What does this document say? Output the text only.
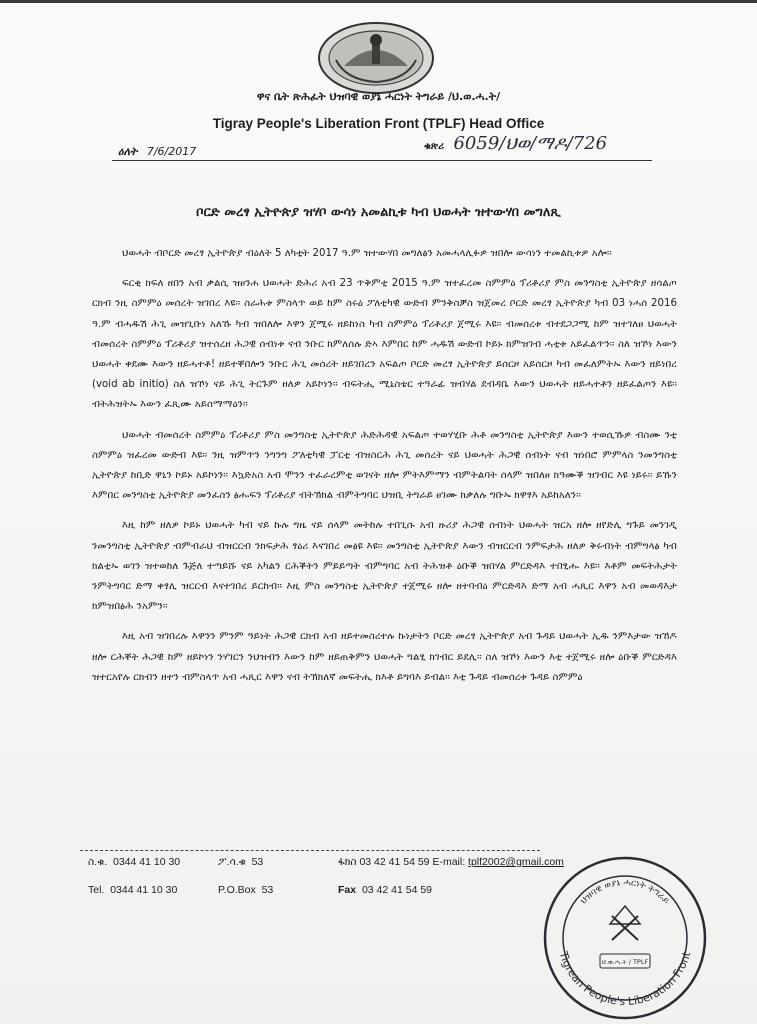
ዋና ቤት ጽሕፈት ህዝባዊ ወያኔ ሓርነት ትግራይ /ህ.ወ.ሓ.ት/
Tigray People's Liberation Front (TPLF) Head Office
ዕለት 7/6/2017	ቁጽሪ 6059/ህወ/ማዶ/726
ቦርድ መረፃ ኢትዮጵያ ዝሃቦ ውሳነ አመልኪቱ ካብ ህወሓት ዝተውሃበ መግለጺ

ህወሓት ብቦርድ መረፃ ኢትዮጵያ ብዕለት 5 ለካቲት 2017 ዓ.ም ዝተውሃበ መግለፅን አመሓላሊፉዎ ዝበሎ ውሳነን ተመልኪቱዎ አሎ፡፡

ፍርቂ ክፍለ ዘበን አብ ቃልሲ ዝፀንሐ ህወሓት ድሕሪ አብ 23 ጥቅምቲ 2015 ዓ.ም ዝተፈረመ ስምምዕ ፕሪቶሪያ ምስ መንግስቲ ኢትዮጵያ ዘሳልጦ ርክብ ንዚ ስምምዕ መሰረት ዝገበረ እዩ፡፡ ስራሕቱ ምስላጥ ወይ ከም ስሩዕ ፖለቲካዊ ውድብ ምንቅስቓስ ዝጀመረ ቦርድ መረፃ ኢትዮጵያ ካብ 03 ነሓሰ 2016 ዓ.ም ብሓዱሽ ሕጊ መዝጊቡነ አለኹ ካብ ዝበለሎ እዋን ጀሚሩ ዘይከነስ ካብ ስምምዕ ፕሪቶሪያ ጀሚሩ እዩ፡፡ ብመሰረቱ ብተደጋጋሚ ከም ዝተገለፀ ህወሓት ብመሰረት ስምምዕ ፕሪቶሪያ ዝተሰረዘ ሕጋዊ ሰብነቱ ናብ ንቡር ክምለሰሉ ድኣ እምበር ከም ሓዱሽ ውድብ ኮይኑ ክምዝገብ ሓቲቱ አይፈልጥን፡፡ ስለ ዝኾነ እውን ህወሓት ቀደሙ እውን ዘይሓተቶ! ዘይተቐበሎን ንቡር ሕጊ መሰረት ዘይገበረን አፍልጦ ቦርድ መረፃ ኢትዮጵያ ይሰርዞ አይሰርዞ ካብ መፈለምትኡ እውን ዘይነበረ (void ab initio) ስለ ዝኾነ ናይ ሕጊ ትርጉም ዘለዎ አይኮነን፡፡ ብፍትሒ ሚኒስቴር ተዓራፊ ዝብሃል ደብዳቤ እውን ህወሓት ዘይሓተቶን ዘይፈልጦን እዩ፡፡ ብትሕዝትኡ እውን ፈጺሙ አይሰማማዕን፡፡

ህወሓት ብመሰረት ስምምዕ ፕሪቶሪያ ምስ መንግስቲ ኢትዮጵያ ሕድሕዳዊ አፍልጦ ተወሃሂቡ ሕቶ መንግስቲ ኢትዮጵያ እውን ተወሲኹዎ ብስሙ ንቲ ስምምዕ ዝፈረመ ውድብ እዩ፡፡ ንዚ ዝምጥን ንግንግ ፖለቲካዊ ፓርቲ ብዝስርሕ ሕጊ መሰረት ናይ ህወሓት ሕጋዊ ሰብነት ናብ ዝነበሮ ምምላስ ንመንግስቲ ኢትዮጵያ ከቢድ ዋኒን ኮይኑ አይኮነን፡፡ እኳድአስ አብ ሞንን ተፈራረምቲ ወገናት ዘሎ ምትእምማን ብምትልባት ሰላም ዝበለፀ ክዓሙቕ ዝገብር እዩ ነይሩ፡፡ ይኹን እምበር መንግስቲ ኢትዮጵያ መንፈስን ፅሑፍን ፕሪቶሪያ ብትኽክል ብምትግባር ህዝቢ ትግራይ ፀገሙ ክቃለሉ ግቡኡ ክዋፃእ አይከአለን፡፡

እዚ ከም ዘለዎ ኮይኑ ህወሓት ካብ ናይ ኩሉ ግዜ ናይ ሰላም መትከሉ ተበጊሱ አብ ዙሪያ ሕጋዊ ሰብነት ህወሓት ዝርአ ዘሎ ዘየድሊ ግጉይ መንገዲ ንመንግስቲ ኢትዮጵያ ብምብራህ ብዝርርብ ንክፍታሕ ፃዕሪ እናገበረ መፅዩ እዩ፡፡ መንግስቲ ኢትዮጵያ እውን ብዝርርብ ንምፍታሕ ዘለዎ ቅሩብነት ብምግላፅ ካብ ክልቲኡ ወገን ዝተወከለ ጉጅለ ተጣይሹ ናይ አካልን ርሕቕትን ምይይጣት ብምግባር አብ ትሕዝቶ ዕቡቕ ዝበሃል ምርድዳእ ተበፂሑ እዩ፡፡ እቶም መፍትሕታት ንምትግባር ድማ ቀፃሊ ዝርርብ እናተገበረ ይርከብ፡፡ እዚ ምስ መንግስቲ ኢትዮጵያ ተጀሚሩ ዘሎ ዘተባብዕ ምርድዳእ ድማ አብ ሓጺር እዋን አብ መወዳእታ ክምዝበፅሕ ንአምን፡፡

እዚ አብ ዝገበረሉ እዋንን ምንም ዓይነት ሕጋዊ ርክብ አብ ዘይተመስረተሉ ኩነታትን ቦርድ መረፃ ኢትዮጵያ አብ ጉዳይ ህወሓት ኢዱ ንምእታው ዝኸዶ ዘሎ ርሕቐት ሕጋዊ ከም ዘይኮነን ንሃገርን ንህዝብን እውን ከም ዘይጠቅምን ህወሓት ግልፂ ክገብር ይደሊ፡፡ ስለ ዝኾነ እውን እቲ ተጀሚሩ ዘሎ ዕቡቕ ምርድዳእ ዝተርአየሉ ርክብን ዘተን ብምስላጥ አብ ሓጺር እዋን ናብ ትኽክለኛ መፍትሒ ክእቶ ይግባእ ይብል፡፡ እቲ ጉዳይ ብመሰረቱ ጉዳይ ስምምዕ

ስ.ቁ. 0344 41 10 30	ፖ.ሳ.ቁ 53	ፋክስ 03 42 41 54 59 E-mail: tplf2002@gmail.com
Tel. 0344 41 10 30	P.O.Box 53	Fax 03 42 41 54 59
Tigrean People's Liberation Front
ህዝባዊ ወያኔ ሓርነት ትግራይ
ህ.ወ.ሓ.ት / TPLF
